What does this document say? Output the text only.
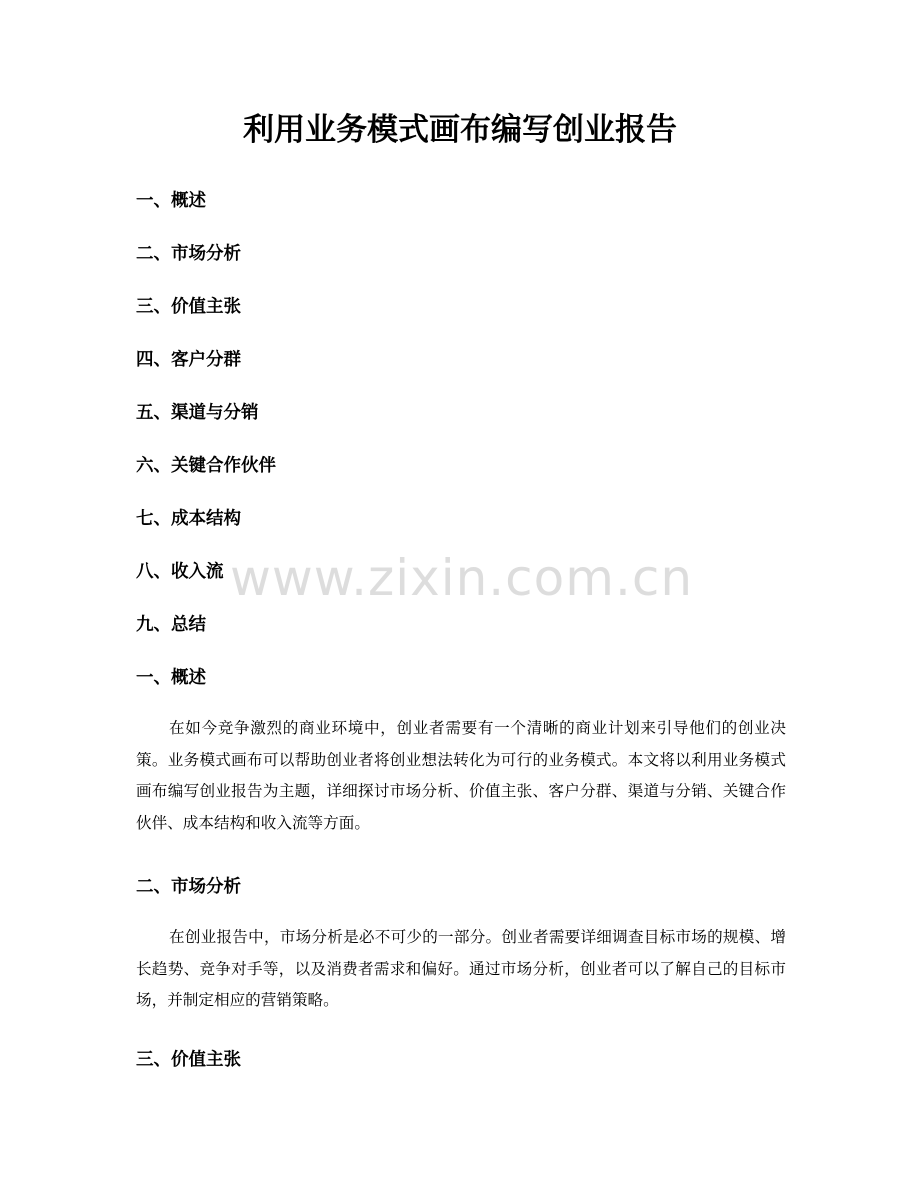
利用业务模式画布编写创业报告
一、概述
二、市场分析
三、价值主张
四、客户分群
五、渠道与分销
六、关键合作伙伴
七、成本结构
八、收入流
九、总结
一、概述

在如今竞争激烈的商业环境中，创业者需要有一个清晰的商业计划来引导他们的创业决策。业务模式画布可以帮助创业者将创业想法转化为可行的业务模式。本文将以利用业务模式画布编写创业报告为主题，详细探讨市场分析、价值主张、客户分群、渠道与分销、关键合作伙伴、成本结构和收入流等方面。

二、市场分析

在创业报告中，市场分析是必不可少的一部分。创业者需要详细调查目标市场的规模、增长趋势、竞争对手等，以及消费者需求和偏好。通过市场分析，创业者可以了解自己的目标市场，并制定相应的营销策略。

三、价值主张
www.zixin.com.cn
